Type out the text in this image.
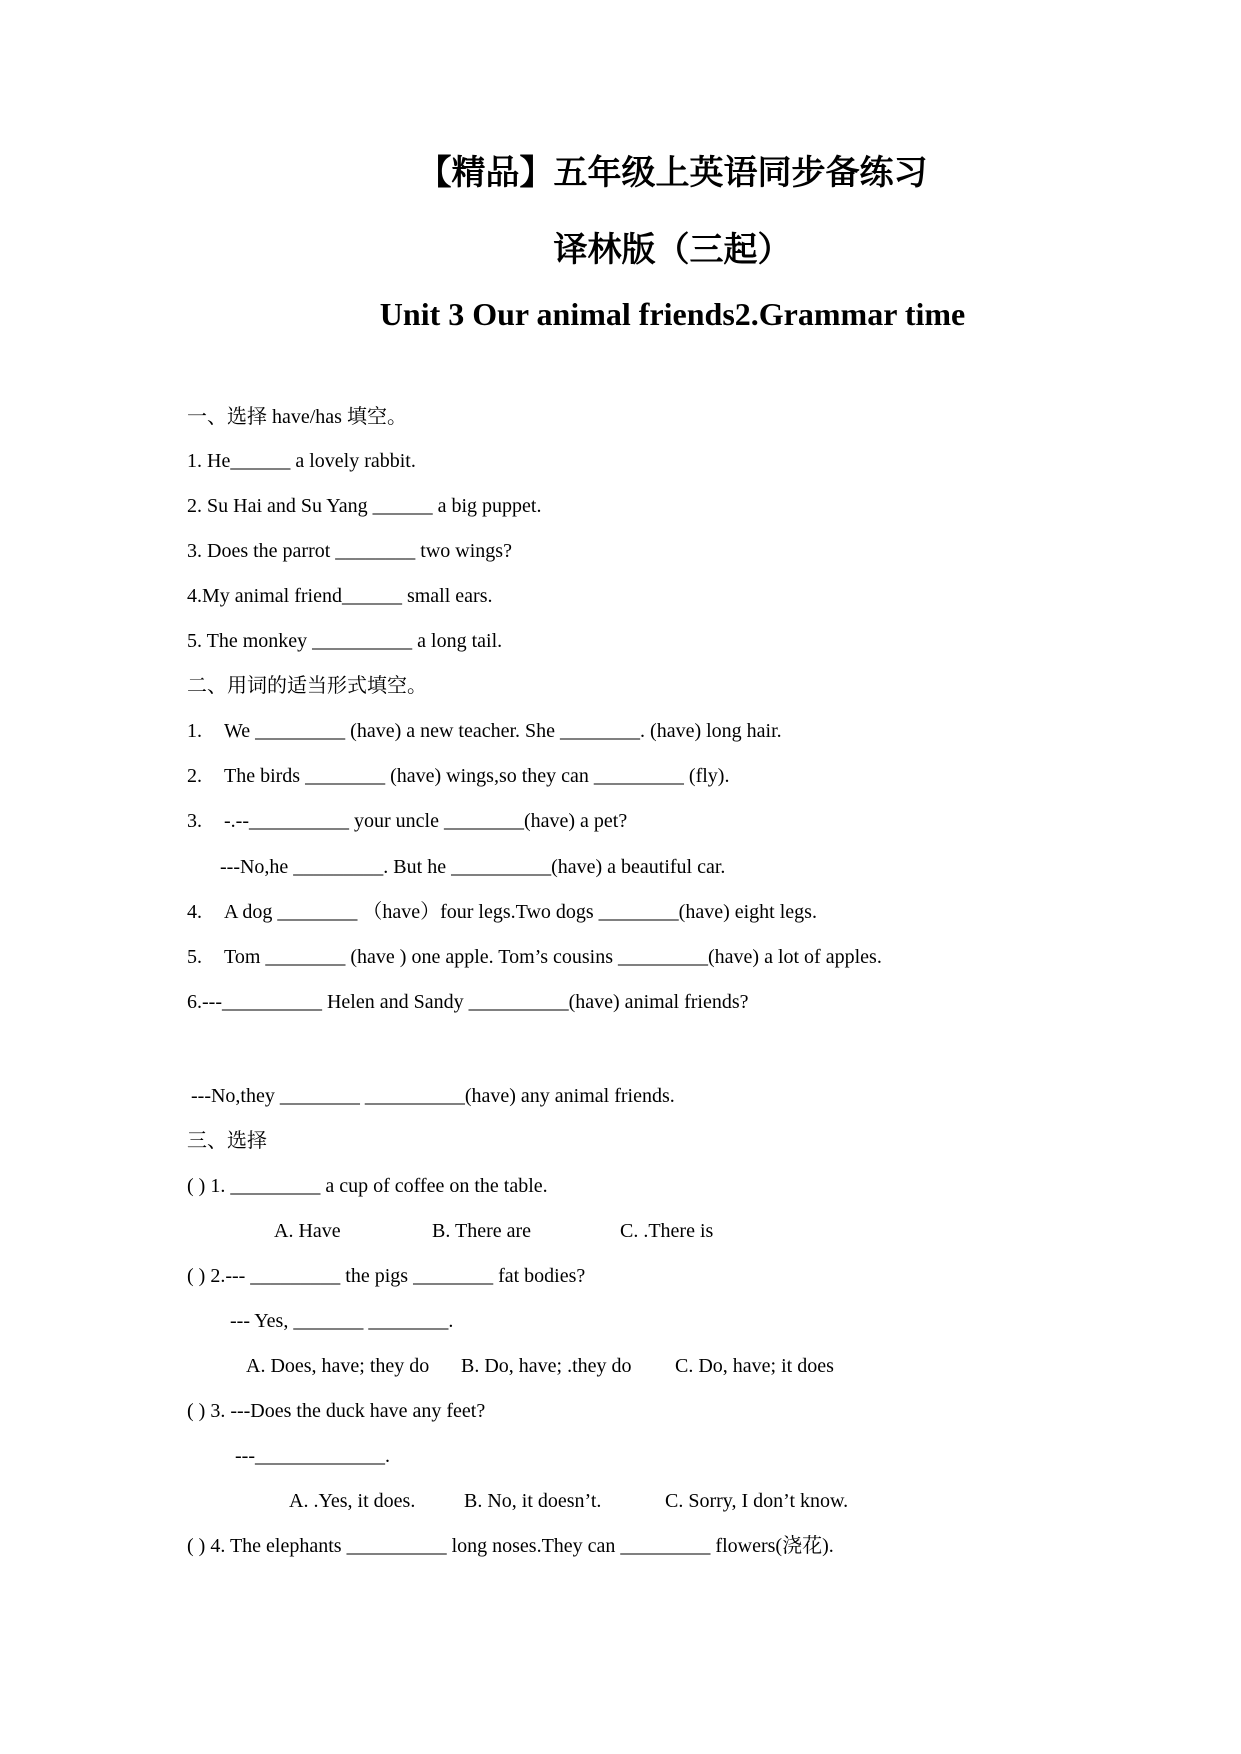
【精品】五年级上英语同步备练习
译林版（三起）
Unit 3 Our animal friends2.Grammar time
一、选择 have/has 填空。
1. He______ a lovely rabbit.
2. Su Hai and Su Yang ______ a big puppet.
3. Does the parrot ________ two wings?
4.My animal friend______ small ears.
5. The monkey __________ a long tail.
二、用词的适当形式填空。
1. We _________ (have) a new teacher. She ________. (have) long hair.
2. The birds ________ (have) wings,so they can _________ (fly).
3. -.--__________ your uncle ________(have) a pet?
---No,he _________. But he __________(have) a beautiful car.
4. A dog ________ （have）four legs.Two dogs ________(have) eight legs.
5. Tom ________ (have ) one apple. Tom’s cousins _________(have) a lot of apples.
6.---__________ Helen and Sandy __________(have) animal friends?
---No,they ________ __________(have) any animal friends.
三、选择
( ) 1. _________ a cup of coffee on the table.
A. Have	B. There are	C. .There is
( ) 2.--- _________ the pigs ________ fat bodies?
--- Yes, _______ ________.
A. Does, have; they do B. Do, have; .they do C. Do, have; it does
( ) 3. ---Does the duck have any feet?
---_____________.
A. .Yes, it does. B. No, it doesn’t.	C. Sorry, I don’t know.
( ) 4. The elephants __________ long noses.They can _________ flowers(浇花).
